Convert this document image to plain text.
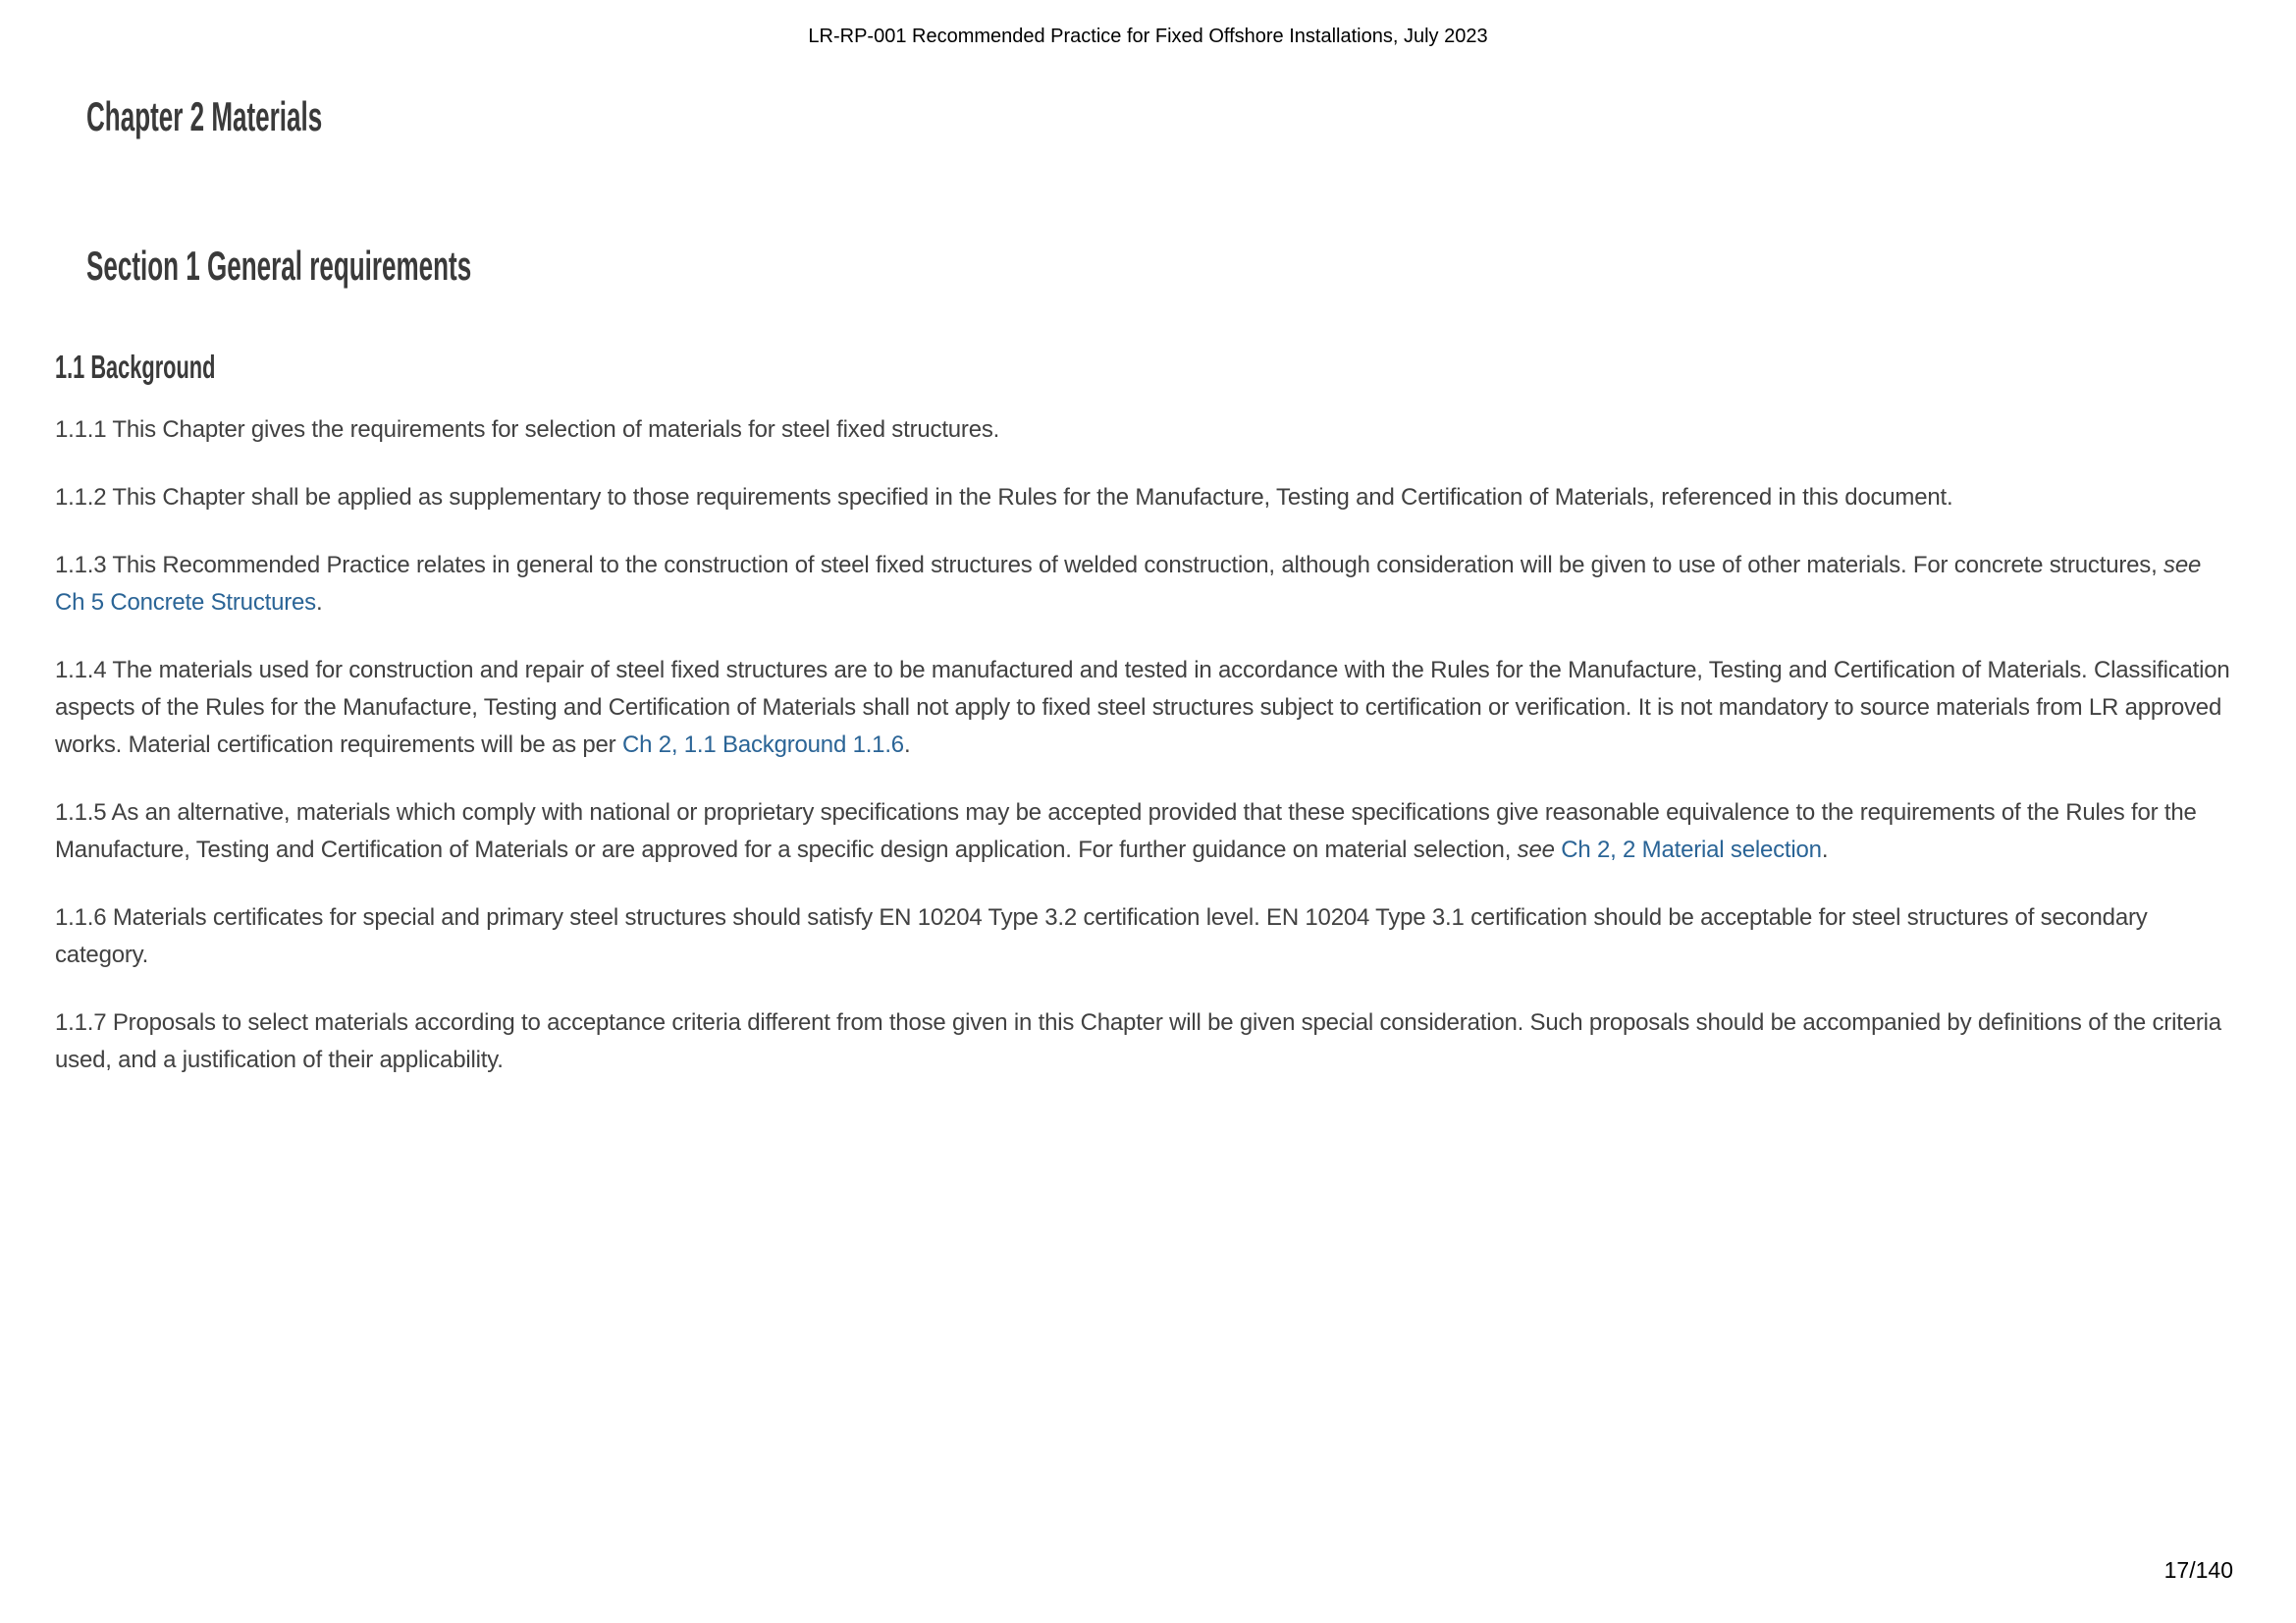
LR-RP-001 Recommended Practice for Fixed Offshore Installations, July 2023
Chapter 2 Materials
Section 1 General requirements
1.1 Background

1.1.1 This Chapter gives the requirements for selection of materials for steel fixed structures.

1.1.2 This Chapter shall be applied as supplementary to those requirements specified in the Rules for the Manufacture, Testing and Certification of Materials, referenced in this document.

1.1.3 This Recommended Practice relates in general to the construction of steel fixed structures of welded construction, although consideration will be given to use of other materials. For concrete structures, see Ch 5 Concrete Structures.

1.1.4 The materials used for construction and repair of steel fixed structures are to be manufactured and tested in accordance with the Rules for the Manufacture, Testing and Certification of Materials. Classification aspects of the Rules for the Manufacture, Testing and Certification of Materials shall not apply to fixed steel structures subject to certification or verification. It is not mandatory to source materials from LR approved works. Material certification requirements will be as per Ch 2, 1.1 Background 1.1.6.

1.1.5 As an alternative, materials which comply with national or proprietary specifications may be accepted provided that these specifications give reasonable equivalence to the requirements of the Rules for the Manufacture, Testing and Certification of Materials or are approved for a specific design application. For further guidance on material selection, see Ch 2, 2 Material selection.

1.1.6 Materials certificates for special and primary steel structures should satisfy EN 10204 Type 3.2 certification level. EN 10204 Type 3.1 certification should be acceptable for steel structures of secondary category.

1.1.7 Proposals to select materials according to acceptance criteria different from those given in this Chapter will be given special consideration. Such proposals should be accompanied by definitions of the criteria used, and a justification of their applicability.

17/140
